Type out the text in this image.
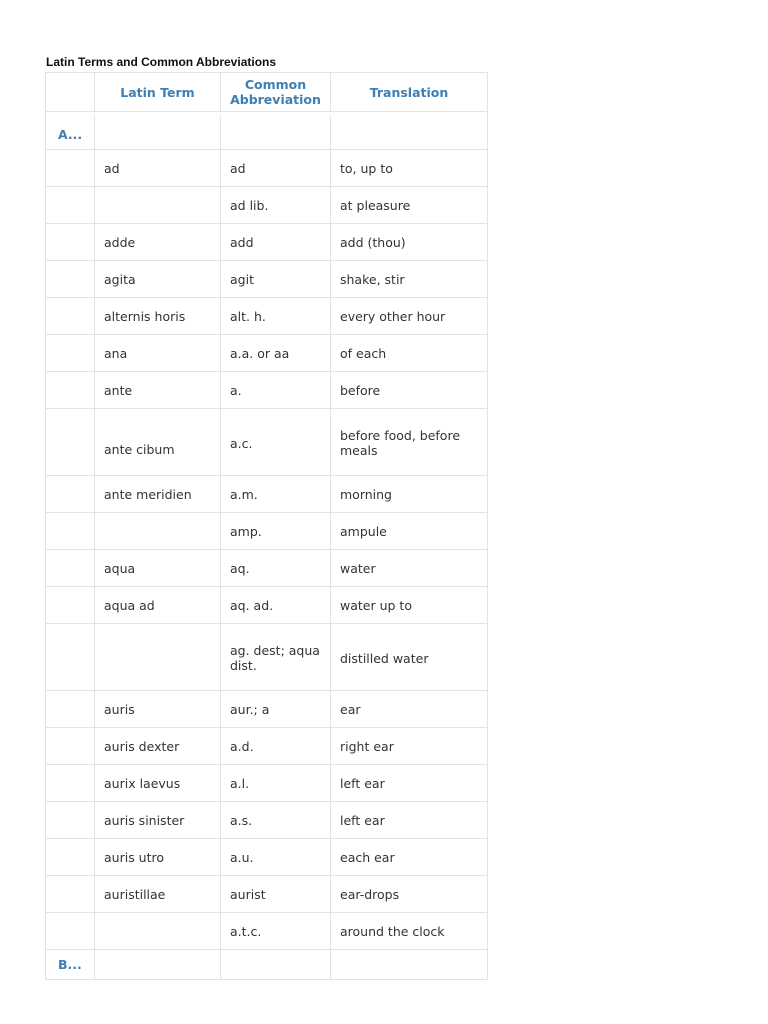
Latin Terms and Common Abbreviations
	Latin Term	Common Abbreviation	Translation
A...			
	ad	ad	to, up to
		ad lib.	at pleasure
	adde	add	add (thou)
	agita	agit	shake, stir
	alternis horis	alt. h.	every other hour
	ana	a.a. or aa	of each
	ante	a.	before
	ante cibum	a.c.	before food, before meals
	ante meridien	a.m.	morning
		amp.	ampule
	aqua	aq.	water
	aqua ad	aq. ad.	water up to
		ag. dest; aqua dist.	distilled water
	auris	aur.; a	ear
	auris dexter	a.d.	right ear
	aurix laevus	a.l.	left ear
	auris sinister	a.s.	left ear
	auris utro	a.u.	each ear
	auristillae	aurist	ear-drops
		a.t.c.	around the clock
B...			
